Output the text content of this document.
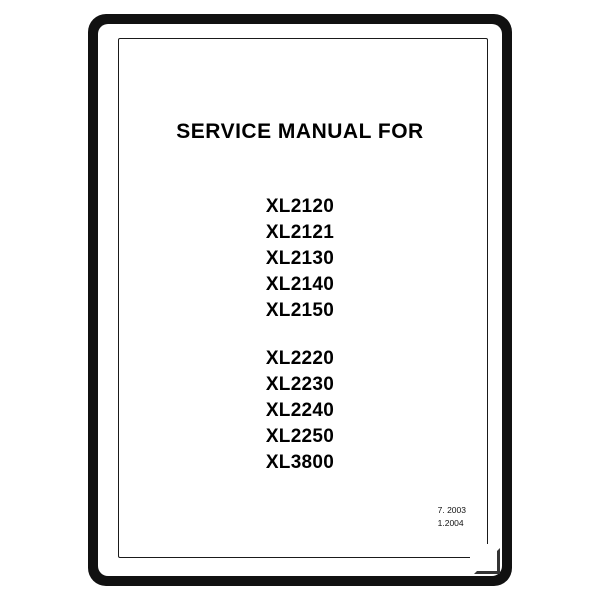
SERVICE MANUAL FOR
XL2120
XL2121
XL2130
XL2140
XL2150
XL2220
XL2230
XL2240
XL2250
XL3800
7. 2003
1.2004
